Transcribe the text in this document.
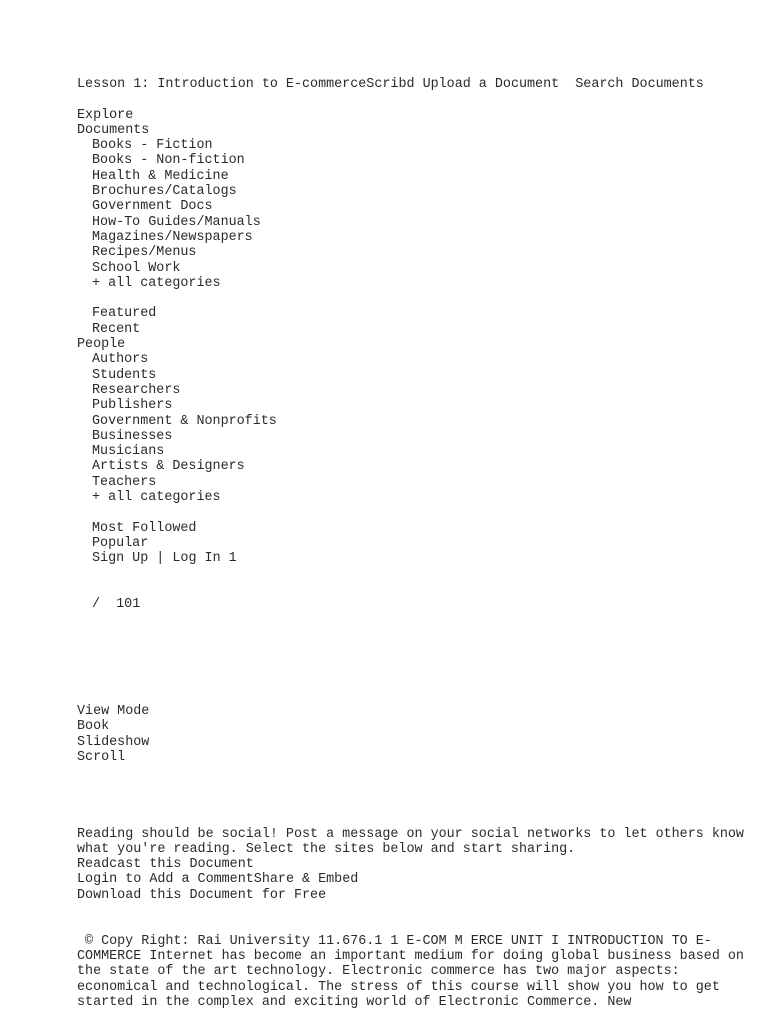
Lesson 1: Introduction to E-commerceScribd Upload a Document Search Documents
Explore
Documents
Books - Fiction
Books - Non-fiction
Health & Medicine
Brochures/Catalogs
Government Docs
How-To Guides/Manuals
Magazines/Newspapers
Recipes/Menus
School Work
+ all categories
Featured
Recent
People
Authors
Students
Researchers
Publishers
Government & Nonprofits
Businesses
Musicians
Artists & Designers
Teachers
+ all categories
Most Followed
Popular
Sign Up | Log In 1
/ 101
View Mode
Book
Slideshow
Scroll
Reading should be social! Post a message on your social networks to let others know what you're reading. Select the sites below and start sharing.
Readcast this Document
Login to Add a CommentShare & Embed
Download this Document for Free
© Copy Right: Rai University 11.676.1 1 E-COM M ERCE UNIT I INTRODUCTION TO E-COMMERCE Internet has become an important medium for doing global business based on the state of the art technology. Electronic commerce has two major aspects: economical and technological. The stress of this course will show you how to get started in the complex and exciting world of Electronic Commerce. New
